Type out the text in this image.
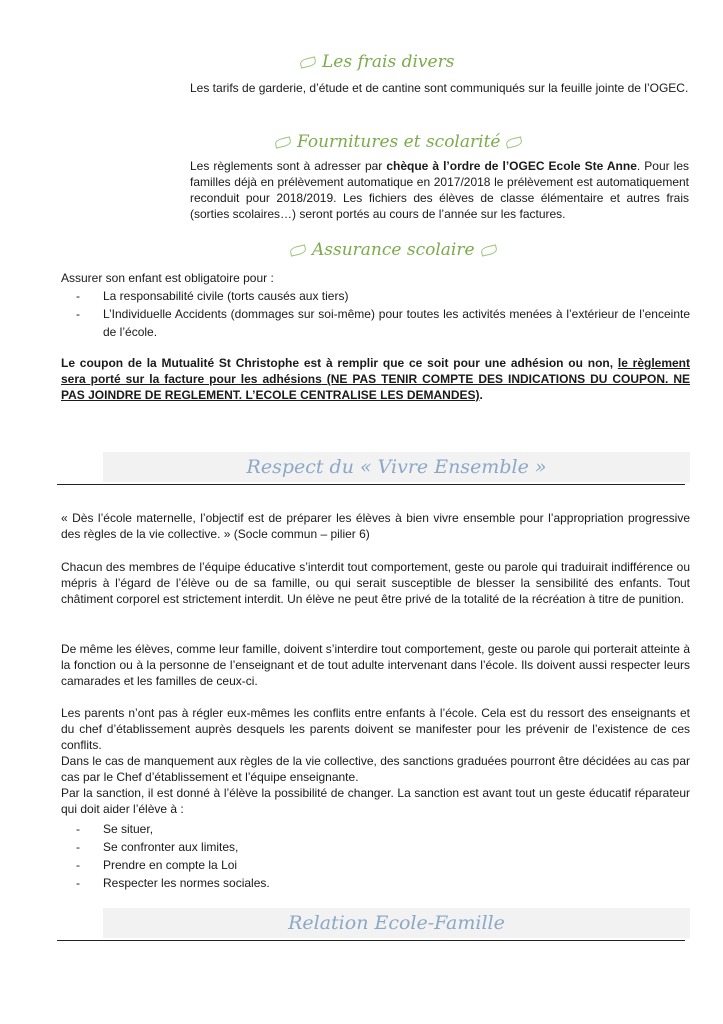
Les frais divers

Les tarifs de garderie, d’étude et de cantine sont communiqués sur la feuille jointe de l’OGEC.

Fournitures et scolarité

Les règlements sont à adresser par chèque à l’ordre de l’OGEC Ecole Ste Anne. Pour les familles déjà en prélèvement automatique en 2017/2018 le prélèvement est automatiquement reconduit pour 2018/2019. Les fichiers des élèves de classe élémentaire et autres frais (sorties scolaires…) seront portés au cours de l’année sur les factures.

Assurance scolaire

Assurer son enfant est obligatoire pour :

-	La responsabilité civile (torts causés aux tiers)
-	L’Individuelle Accidents (dommages sur soi-même) pour toutes les activités menées à l’extérieur de l’enceinte de l’école.

Le coupon de la Mutualité St Christophe est à remplir que ce soit pour une adhésion ou non, le règlement sera porté sur la facture pour les adhésions (NE PAS TENIR COMPTE DES INDICATIONS DU COUPON. NE PAS JOINDRE DE REGLEMENT. L’ECOLE CENTRALISE LES DEMANDES).

Respect du « Vivre Ensemble »

« Dès l’école maternelle, l’objectif est de préparer les élèves à bien vivre ensemble pour l’appropriation progressive des règles de la vie collective. » (Socle commun – pilier 6)

Chacun des membres de l’équipe éducative s’interdit tout comportement, geste ou parole qui traduirait indifférence ou mépris à l’égard de l’élève ou de sa famille, ou qui serait susceptible de blesser la sensibilité des enfants. Tout châtiment corporel est strictement interdit. Un élève ne peut être privé de la totalité de la récréation à titre de punition.

De même les élèves, comme leur famille, doivent s’interdire tout comportement, geste ou parole qui porterait atteinte à la fonction ou à la personne de l’enseignant et de tout adulte intervenant dans l’école. Ils doivent aussi respecter leurs camarades et les familles de ceux-ci.

Les parents n’ont pas à régler eux-mêmes les conflits entre enfants à l’école. Cela est du ressort des enseignants et du chef d’établissement auprès desquels les parents doivent se manifester pour les prévenir de l’existence de ces conflits.

Dans le cas de manquement aux règles de la vie collective, des sanctions graduées pourront être décidées au cas par cas par le Chef d’établissement et l’équipe enseignante.

Par la sanction, il est donné à l’élève la possibilité de changer. La sanction est avant tout un geste éducatif réparateur qui doit aider l’élève à :

-	Se situer,
-	Se confronter aux limites,
-	Prendre en compte la Loi
-	Respecter les normes sociales.
Relation Ecole-Famille
